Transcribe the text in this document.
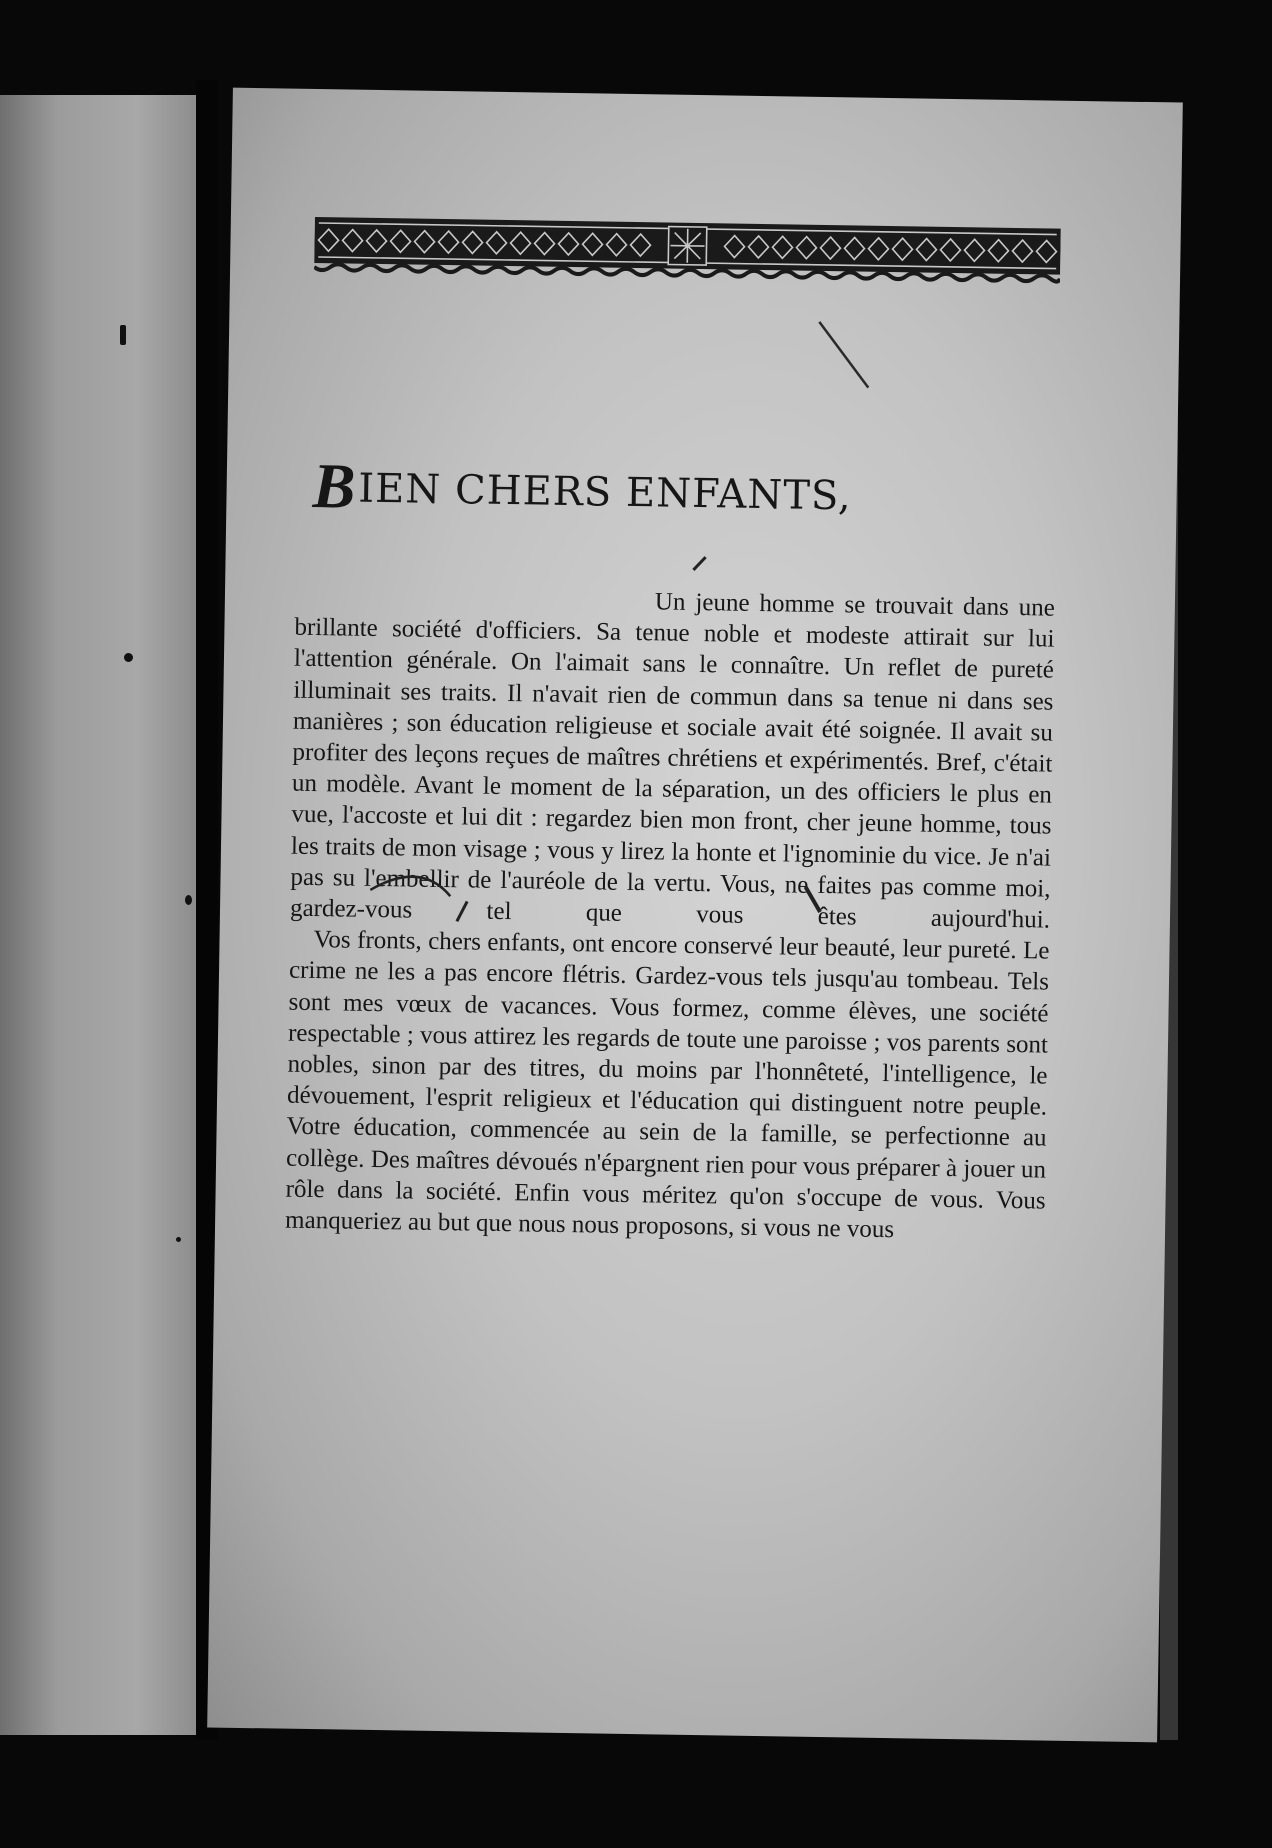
BIEN CHERS ENFANTS,

Un jeune homme se trouvait dans une brillante société d'officiers. Sa tenue noble et modeste attirait sur lui l'attention générale. On l'aimait sans le connaître. Un reflet de pureté illuminait ses traits. Il n'avait rien de commun dans sa tenue ni dans ses manières ; son éducation religieuse et sociale avait été soignée. Il avait su profiter des leçons reçues de maîtres chrétiens et expérimentés. Bref, c'était un modèle. Avant le moment de la séparation, un des officiers le plus en vue, l'accoste et lui dit : regardez bien mon front, cher jeune homme, tous les traits de mon visage ; vous y lirez la honte et l'ignominie du vice. Je n'ai pas su l'embellir de l'auréole de la vertu. Vous, ne faites pas comme moi, gardez-vous tel que vous êtes aujourd'hui.

Vos fronts, chers enfants, ont encore conservé leur beauté, leur pureté. Le crime ne les a pas encore flétris. Gardez-vous tels jusqu'au tombeau. Tels sont mes vœux de vacances. Vous formez, comme élèves, une société respectable ; vous attirez les regards de toute une paroisse ; vos parents sont nobles, sinon par des titres, du moins par l'honnêteté, l'intelligence, le dévouement, l'esprit religieux et l'éducation qui distinguent notre peuple. Votre éducation, commencée au sein de la famille, se perfectionne au collège. Des maîtres dévoués n'épargnent rien pour vous préparer à jouer un rôle dans la société. Enfin vous méritez qu'on s'occupe de vous. Vous manqueriez au but que nous nous proposons, si vous ne vous
